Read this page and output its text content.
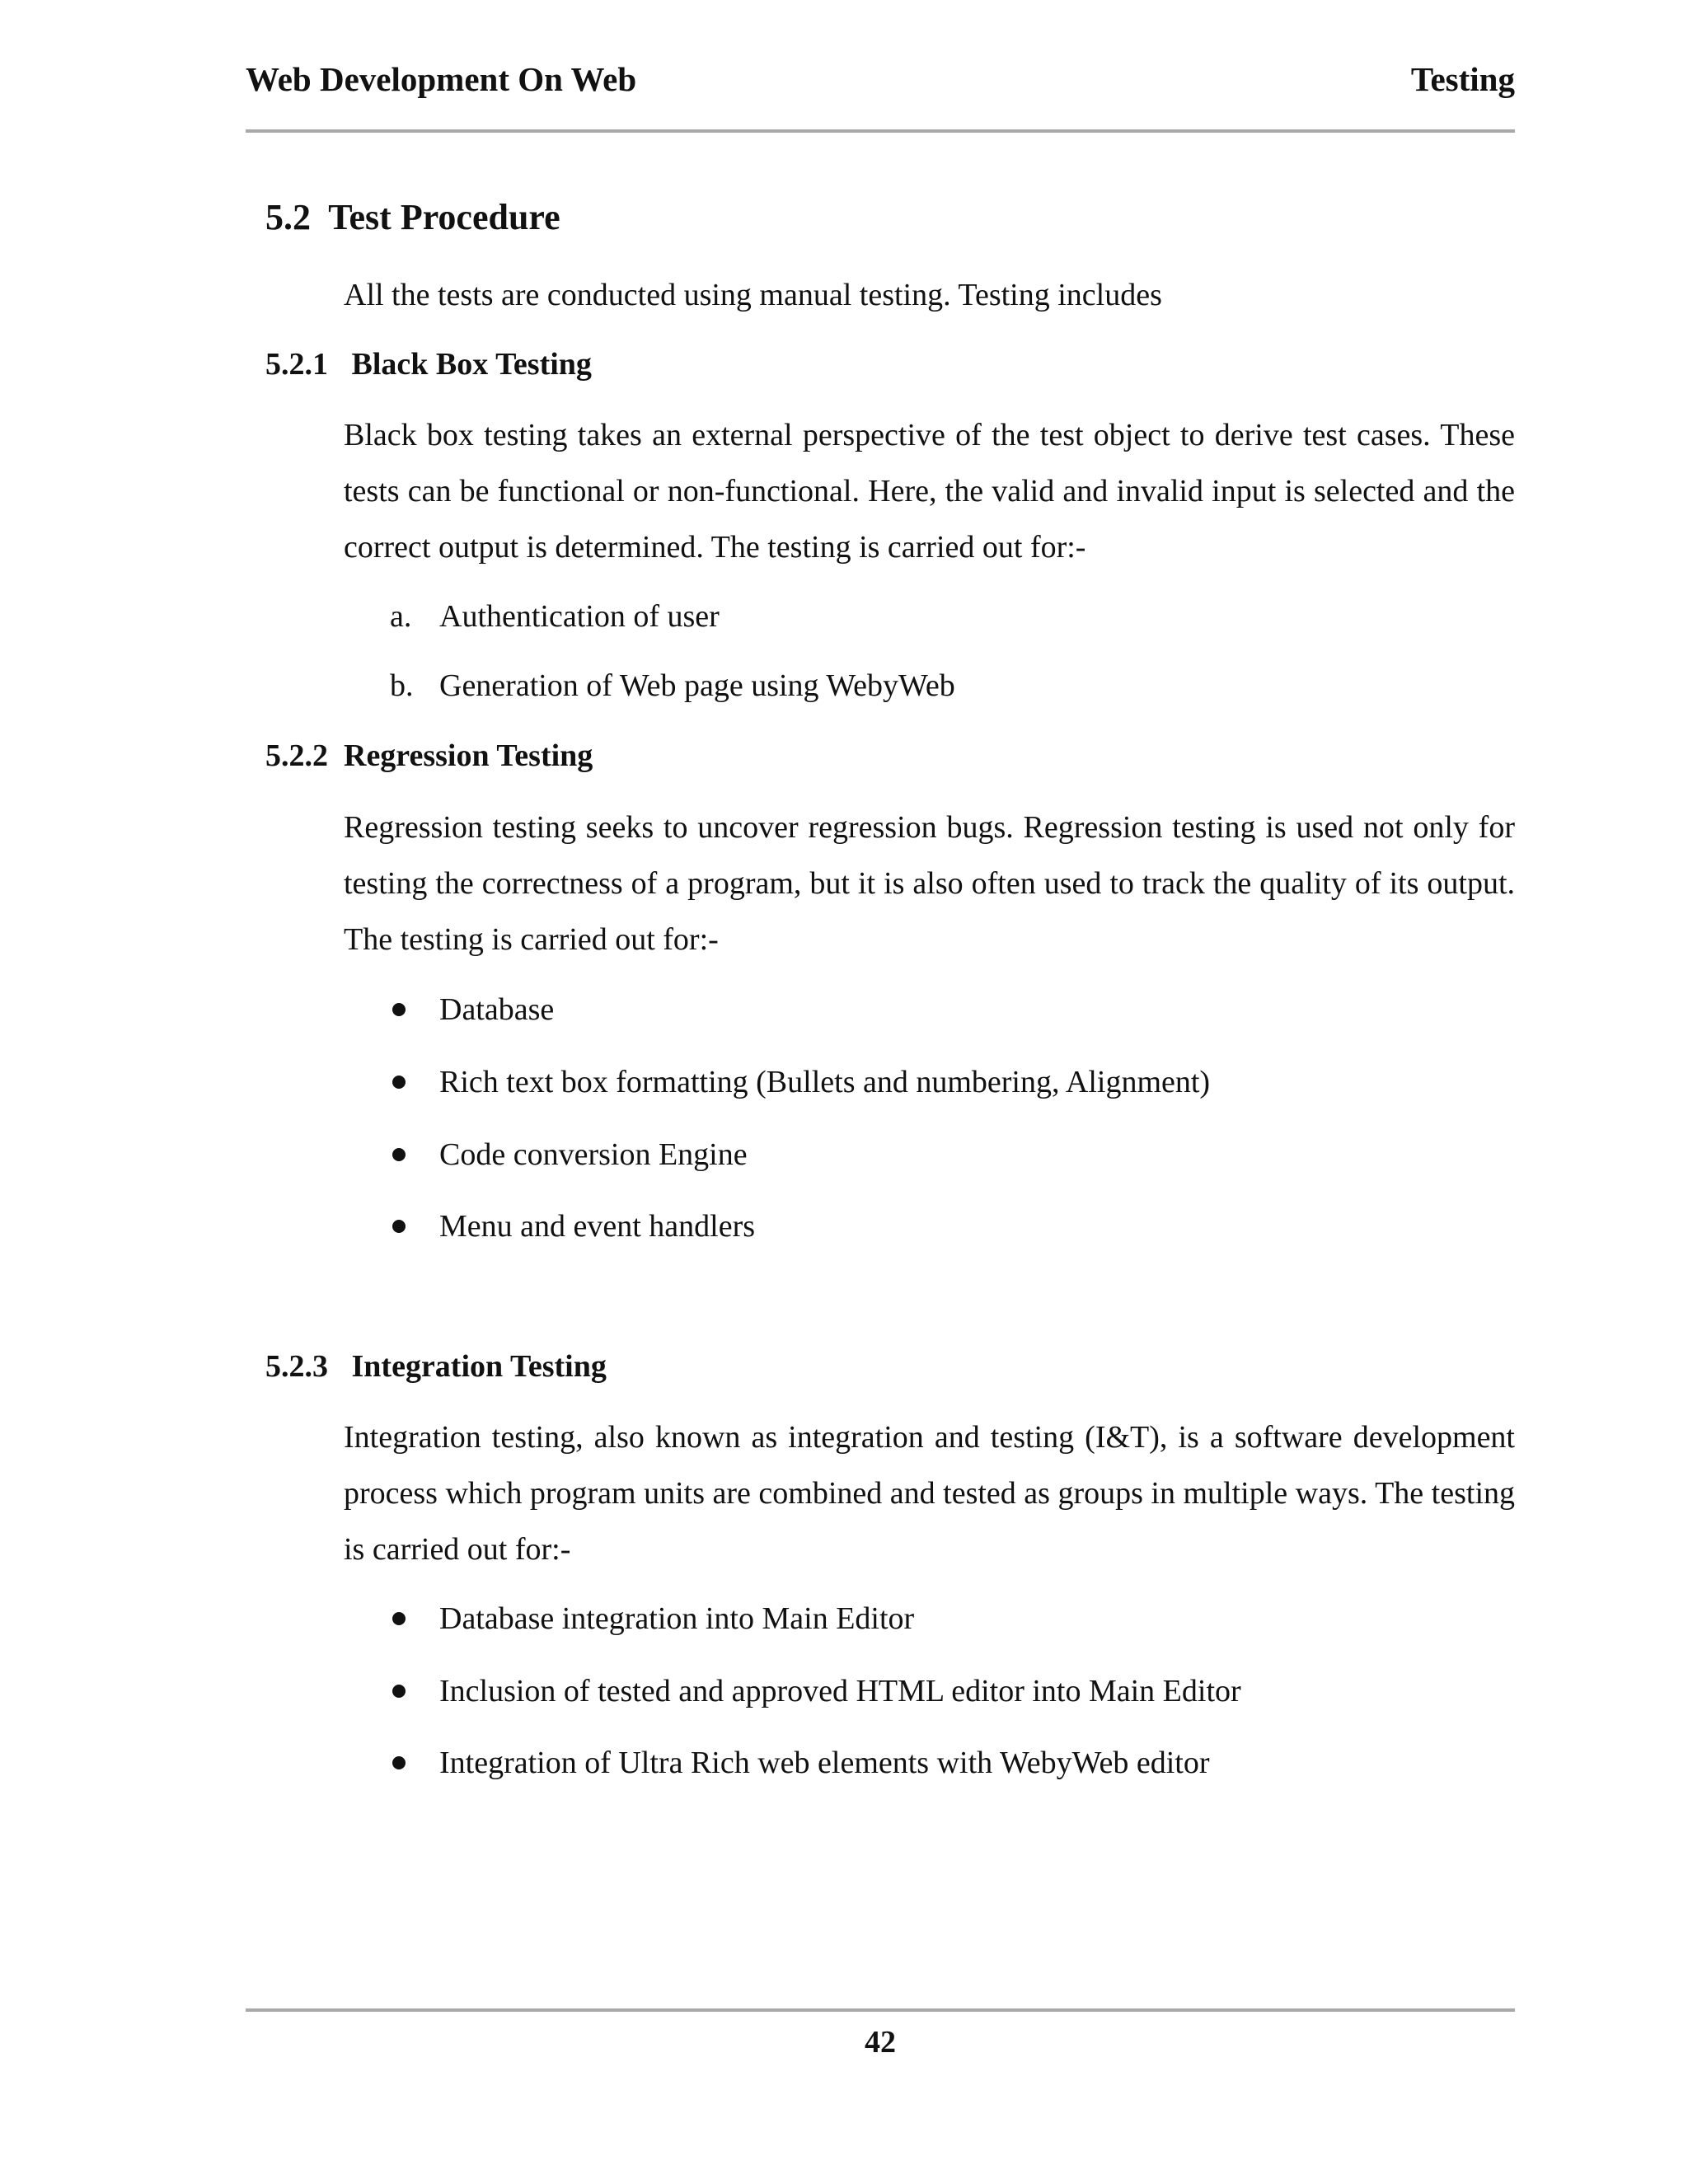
Web Development On Web	Testing
5.2  Test Procedure
All the tests are conducted using manual testing. Testing includes
5.2.1   Black Box Testing
Black box testing takes an external perspective of the test object to derive test cases. These tests can be functional or non-functional. Here, the valid and invalid input is selected and the correct output is determined. The testing is carried out for:-
a. Authentication of user
b. Generation of Web page using WebyWeb
5.2.2  Regression Testing
Regression testing seeks to uncover regression bugs. Regression testing is used not only for testing the correctness of a program, but it is also often used to track the quality of its output. The testing is carried out for:-
Database
Rich text box formatting (Bullets and numbering, Alignment)
Code conversion Engine
Menu and event handlers
5.2.3   Integration Testing
Integration testing, also known as integration and testing (I&T), is a software development process which program units are combined and tested as groups in multiple ways. The testing is carried out for:-
Database integration into Main Editor
Inclusion of tested and approved HTML editor into Main Editor
Integration of Ultra Rich web elements with WebyWeb editor
42
